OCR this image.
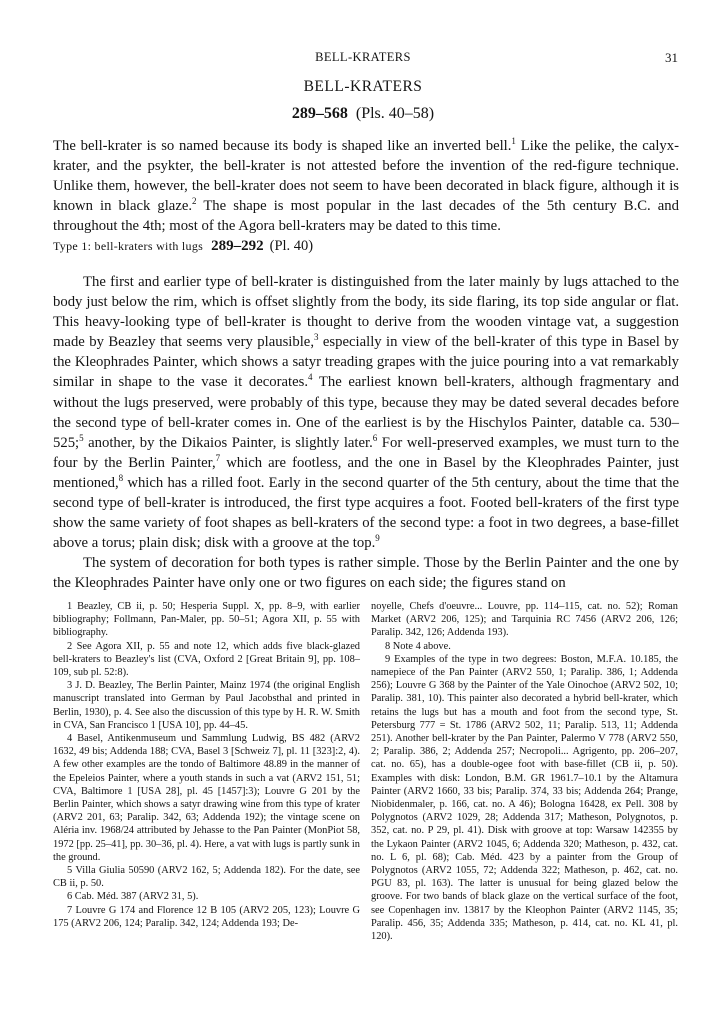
BELL-KRATERS	31
BELL-KRATERS
289–568 (Pls. 40–58)

The bell-krater is so named because its body is shaped like an inverted bell.$^1$ Like the pelike, the calyx-krater, and the psykter, the bell-krater is not attested before the invention of the red-figure technique. Unlike them, however, the bell-krater does not seem to have been decorated in black figure, although it is known in black glaze.$^2$ The shape is most popular in the last decades of the 5th century B.C. and throughout the 4th; most of the Agora bell-kraters may be dated to this time.

Type 1: bell-kraters with lugs 289–292 (Pl. 40)

The first and earlier type of bell-krater is distinguished from the later mainly by lugs attached to the body just below the rim, which is offset slightly from the body, its side flaring, its top side angular or flat. This heavy-looking type of bell-krater is thought to derive from the wooden vintage vat, a suggestion made by Beazley that seems very plausible,$^3$ especially in view of the bell-krater of this type in Basel by the Kleophrades Painter, which shows a satyr treading grapes with the juice pouring into a vat remarkably similar in shape to the vase it decorates.$^4$ The earliest known bell-kraters, although fragmentary and without the lugs preserved, were probably of this type, because they may be dated several decades before the second type of bell-krater comes in. One of the earliest is by the Hischylos Painter, datable ca. 530–525;$^5$ another, by the Dikaios Painter, is slightly later.$^6$ For well-preserved examples, we must turn to the four by the Berlin Painter,$^7$ which are footless, and the one in Basel by the Kleophrades Painter, just mentioned,$^8$ which has a rilled foot. Early in the second quarter of the 5th century, about the time that the second type of bell-krater is introduced, the first type acquires a foot. Footed bell-kraters of the first type show the same variety of foot shapes as bell-kraters of the second type: a foot in two degrees, a base-fillet above a torus; plain disk; disk with a groove at the top.$^9$

The system of decoration for both types is rather simple. Those by the Berlin Painter and the one by the Kleophrades Painter have only one or two figures on each side; the figures stand on

1 Beazley, CB ii, p. 50; Hesperia Suppl. X, pp. 8–9, with earlier bibliography; Follmann, Pan-Maler, pp. 50–51; Agora XII, p. 55 with bibliography.

2 See Agora XII, p. 55 and note 12, which adds five black-glazed bell-kraters to Beazley's list (CVA, Oxford 2 [Great Britain 9], pp. 108–109, sub pl. 52:8).

3 J. D. Beazley, The Berlin Painter, Mainz 1974 (the original English manuscript translated into German by Paul Jacobsthal and printed in Berlin, 1930), p. 4. See also the discussion of this type by H. R. W. Smith in CVA, San Francisco 1 [USA 10], pp. 44–45.

4 Basel, Antikenmuseum und Sammlung Ludwig, BS 482 (ARV2 1632, 49 bis; Addenda 188; CVA, Basel 3 [Schweiz 7], pl. 11 [323]:2, 4). A few other examples are the tondo of Baltimore 48.89 in the manner of the Epeleios Painter, where a youth stands in such a vat (ARV2 151, 51; CVA, Baltimore 1 [USA 28], pl. 45 [1457]:3); Louvre G 201 by the Berlin Painter, which shows a satyr drawing wine from this type of krater (ARV2 201, 63; Paralip. 342, 63; Addenda 192); the vintage scene on Aléria inv. 1968/24 attributed by Jehasse to the Pan Painter (MonPiot 58, 1972 [pp. 25–41], pp. 30–36, pl. 4). Here, a vat with lugs is partly sunk in the ground.

5 Villa Giulia 50590 (ARV2 162, 5; Addenda 182). For the date, see CB ii, p. 50.

6 Cab. Méd. 387 (ARV2 31, 5).

7 Louvre G 174 and Florence 12 B 105 (ARV2 205, 123); Louvre G 175 (ARV2 206, 124; Paralip. 342, 124; Addenda 193; De-

noyelle, Chefs d'oeuvre... Louvre, pp. 114–115, cat. no. 52); Roman Market (ARV2 206, 125); and Tarquinia RC 7456 (ARV2 206, 126; Paralip. 342, 126; Addenda 193).

8 Note 4 above.

9 Examples of the type in two degrees: Boston, M.F.A. 10.185, the namepiece of the Pan Painter (ARV2 550, 1; Paralip. 386, 1; Addenda 256); Louvre G 368 by the Painter of the Yale Oinochoe (ARV2 502, 10; Paralip. 381, 10). This painter also decorated a hybrid bell-krater, which retains the lugs but has a mouth and foot from the second type, St. Petersburg 777 = St. 1786 (ARV2 502, 11; Paralip. 513, 11; Addenda 251). Another bell-krater by the Pan Painter, Palermo V 778 (ARV2 550, 2; Paralip. 386, 2; Addenda 257; Necropoli... Agrigento, pp. 206–207, cat. no. 65), has a double-ogee foot with base-fillet (CB ii, p. 50). Examples with disk: London, B.M. GR 1961.7–10.1 by the Altamura Painter (ARV2 1660, 33 bis; Paralip. 374, 33 bis; Addenda 264; Prange, Niobidenmaler, p. 166, cat. no. A 46); Bologna 16428, ex Pell. 308 by Polygnotos (ARV2 1029, 28; Addenda 317; Matheson, Polygnotos, p. 352, cat. no. P 29, pl. 41). Disk with groove at top: Warsaw 142355 by the Lykaon Painter (ARV2 1045, 6; Addenda 320; Matheson, p. 432, cat. no. L 6, pl. 68); Cab. Méd. 423 by a painter from the Group of Polygnotos (ARV2 1055, 72; Addenda 322; Matheson, p. 462, cat. no. PGU 83, pl. 163). The latter is unusual for being glazed below the groove. For two bands of black glaze on the vertical surface of the foot, see Copenhagen inv. 13817 by the Kleophon Painter (ARV2 1145, 35; Paralip. 456, 35; Addenda 335; Matheson, p. 414, cat. no. KL 41, pl. 120).
